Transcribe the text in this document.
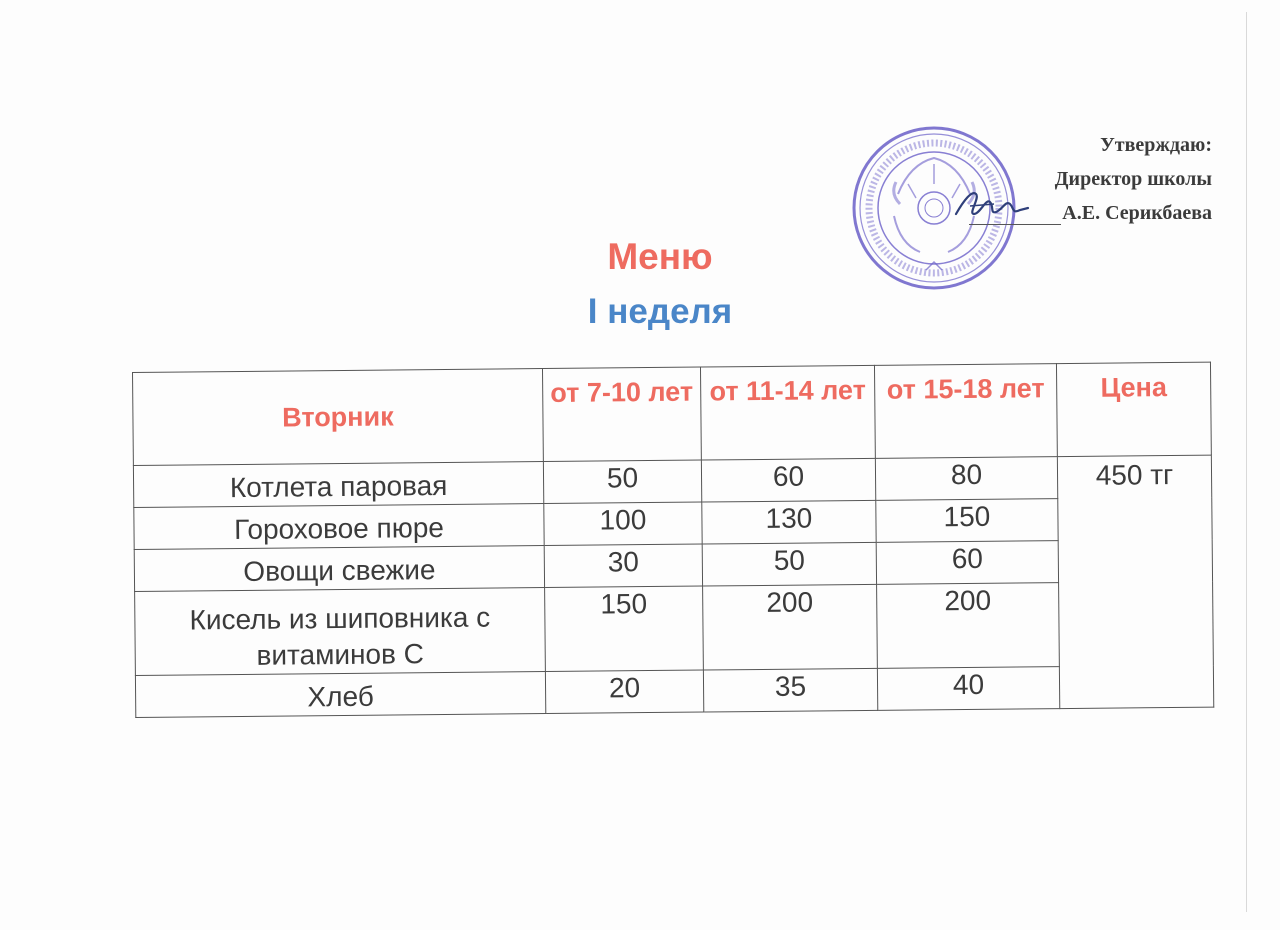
Утверждаю:
Директор школы
А.Е. Серикбаева
Меню
I неделя
Вторник	от 7-10 лет	от 11-14 лет	от 15-18 лет	Цена
Котлета паровая	50	60	80	450 тг
Гороховое пюре	100	130	150	
Овощи свежие	30	50	60	
Кисель из шиповника с витаминов С	150	200	200	
Хлеб	20	35	40	
